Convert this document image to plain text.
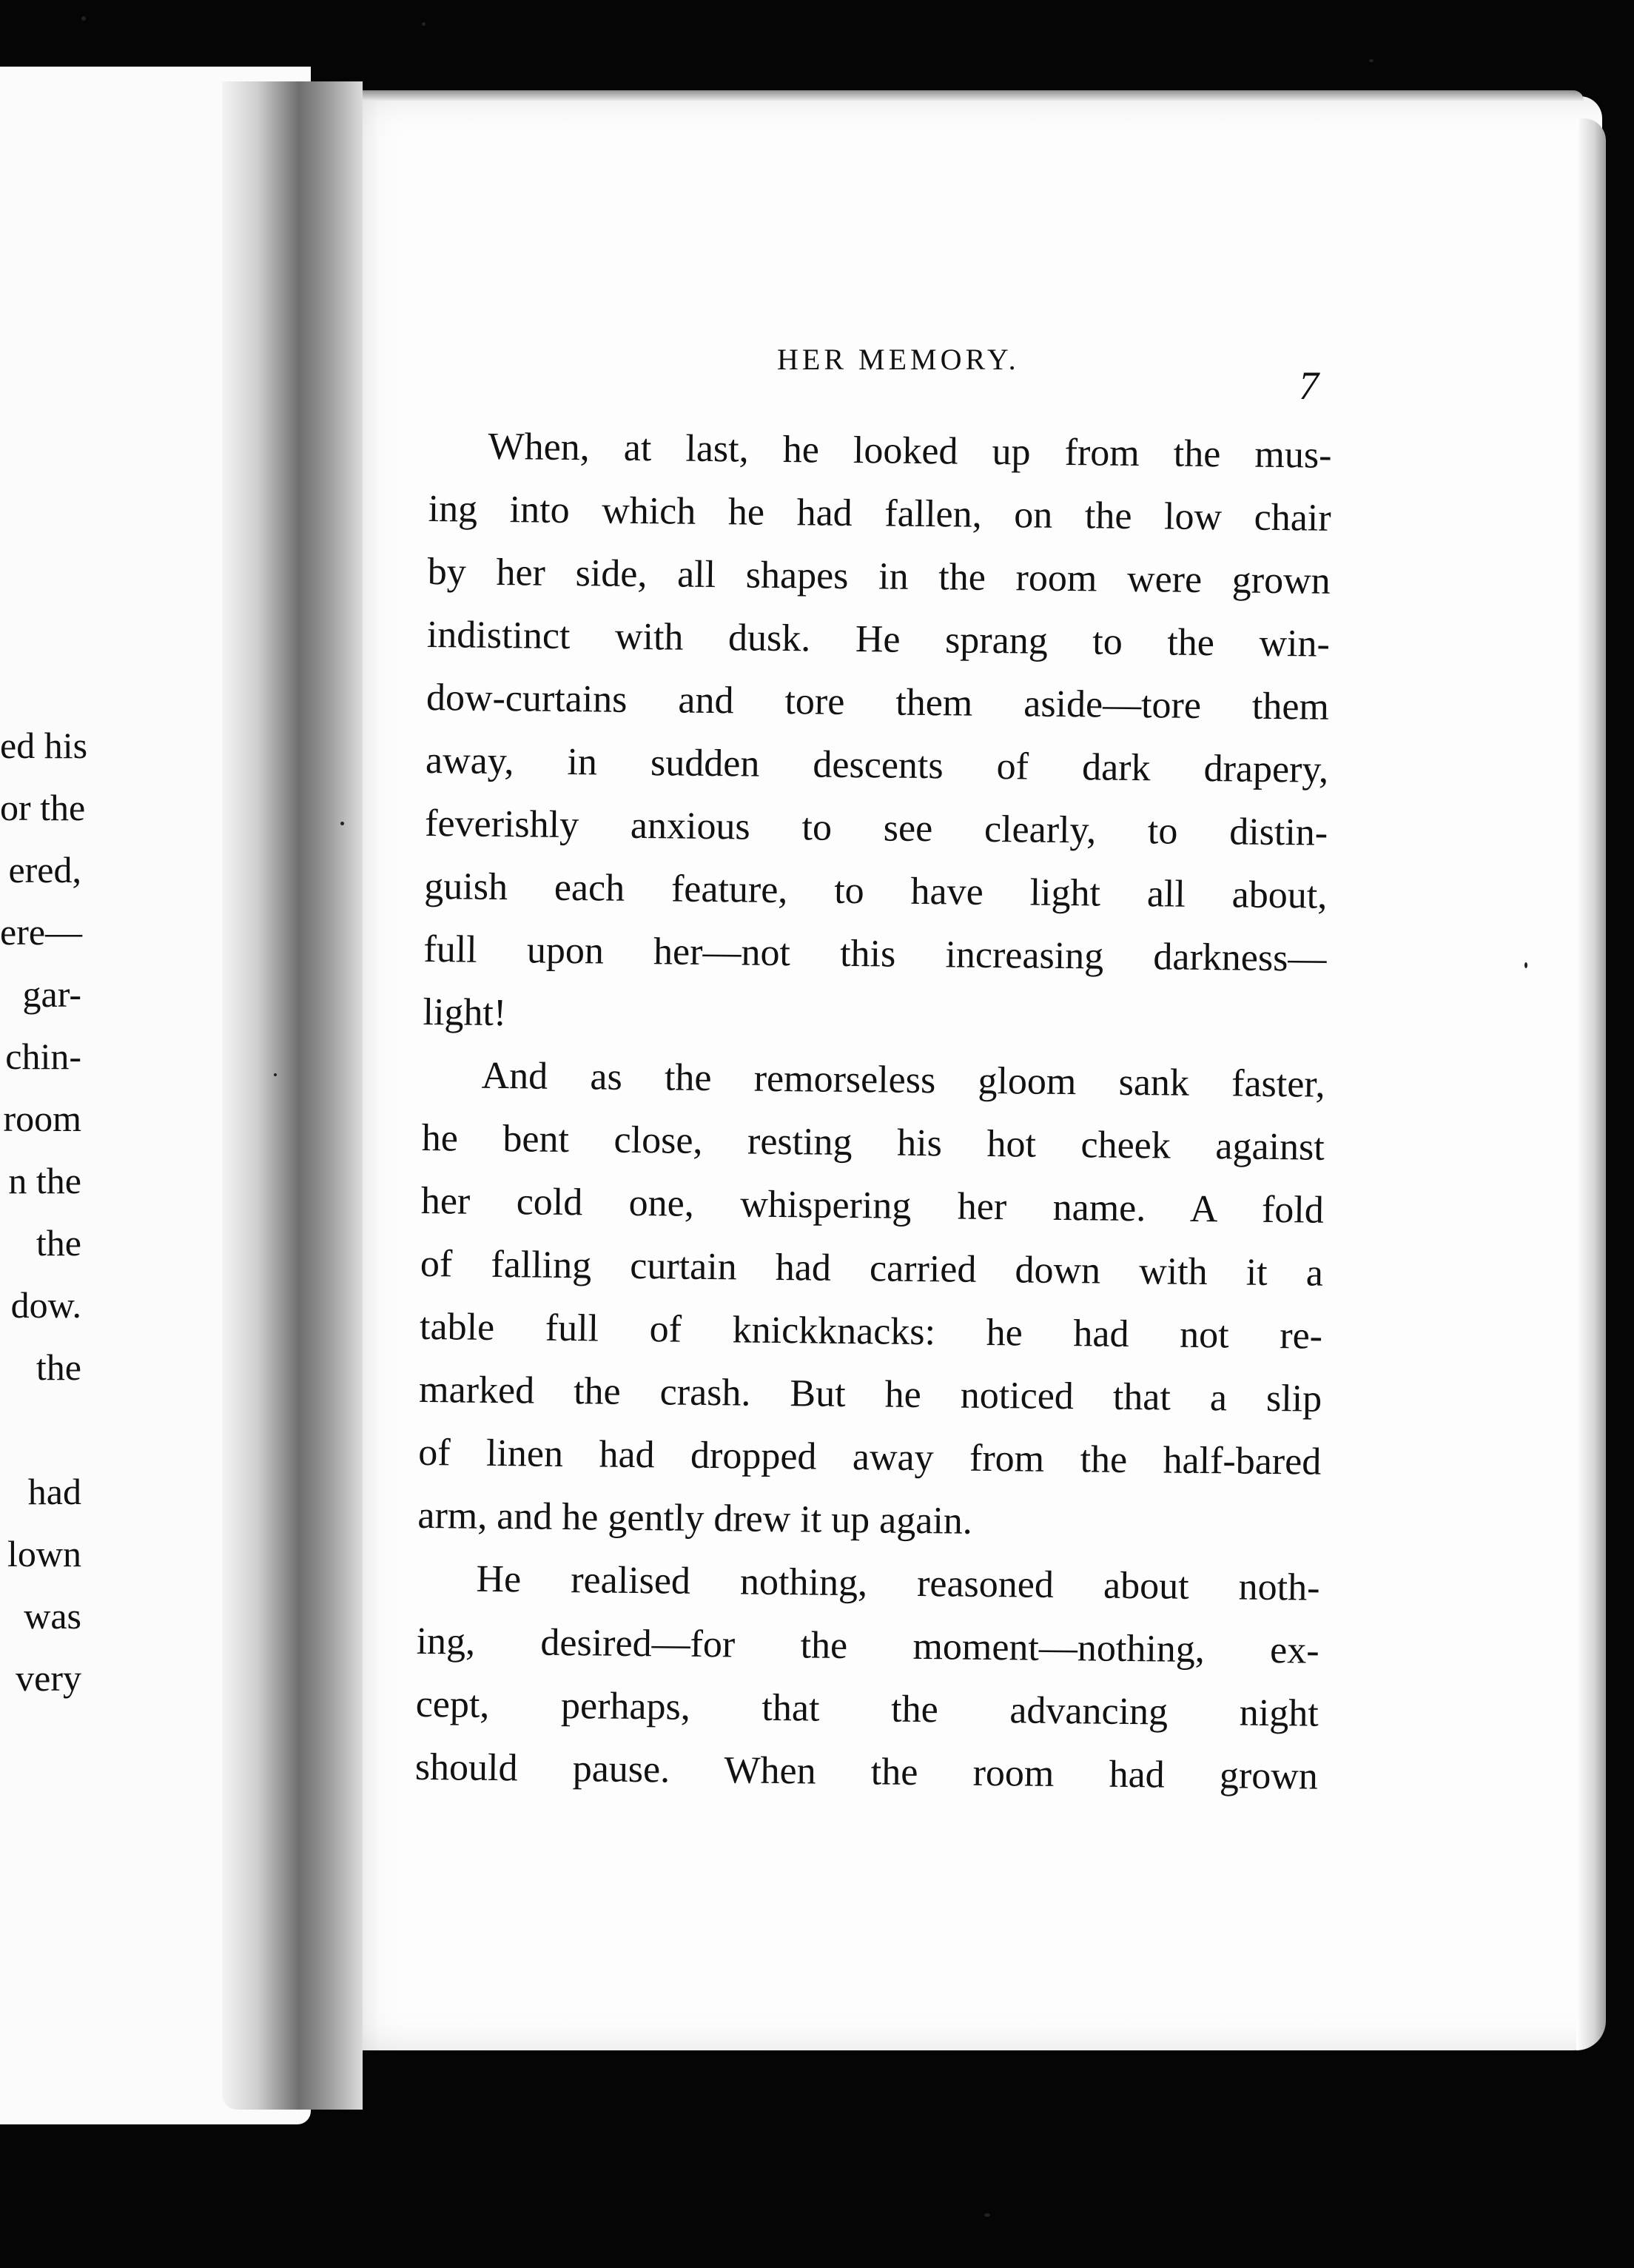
ed his
or the
ered,
ere—
gar-
chin-
room
n the
the
dow.
the
had
lown
was
very
HER MEMORY.
7
When, at last, he looked up from the mus-
ing into which he had fallen, on the low chair
by her side, all shapes in the room were grown
indistinct with dusk. He sprang to the win-
dow-curtains and tore them aside—tore them
away, in sudden descents of dark drapery,
feverishly anxious to see clearly, to distin-
guish each feature, to have light all about,
full upon her—not this increasing darkness—
light!
And as the remorseless gloom sank faster,
he bent close, resting his hot cheek against
her cold one, whispering her name. A fold
of falling curtain had carried down with it a
table full of knickknacks: he had not re-
marked the crash. But he noticed that a slip
of linen had dropped away from the half-bared
arm, and he gently drew it up again.
He realised nothing, reasoned about noth-
ing, desired—for the moment—nothing, ex-
cept, perhaps, that the advancing night
should pause. When the room had grown
